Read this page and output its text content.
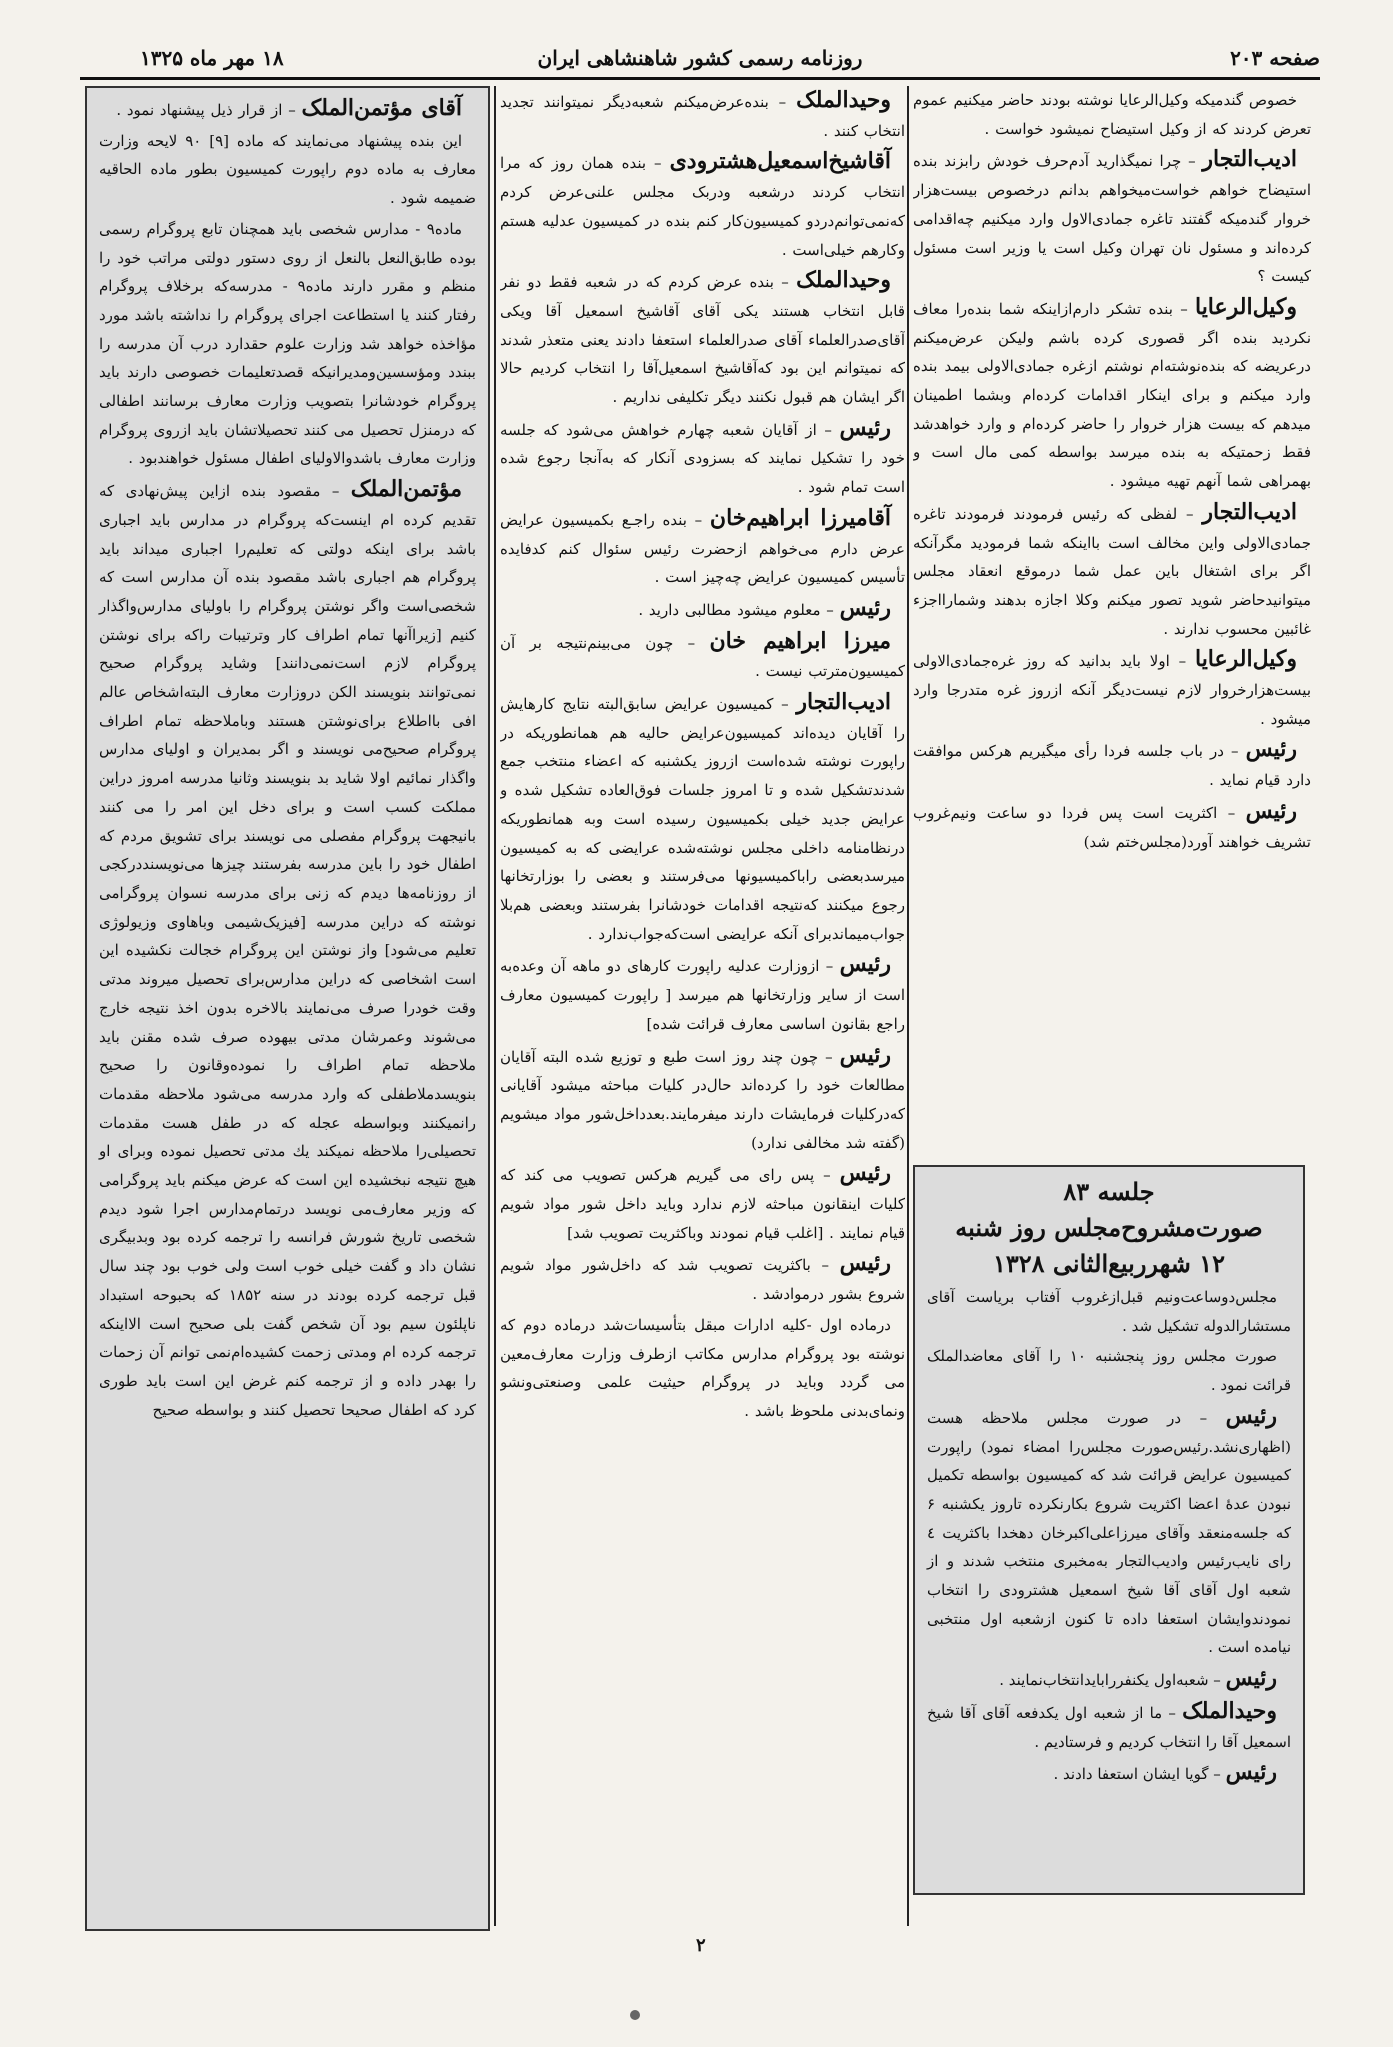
۱۸ مهر ماه ۱۳۲۵	روزنامه رسمی کشور شاهنشاهی ایران	صفحه ۲۰۳

خصوص گندمیکه وکیل‌الرعایا نوشته بودند حاضر میکنیم عموم تعرض کردند که از وکیل استیضاح نمیشود خواست .

ادیب‌التجار – چرا نمیگذارید آدم‌حرف خودش رابزند بنده استیضاح خواهم خواست‌میخواهم بدانم درخصوص بیست‌هزار خروار گندمیکه گفتند تاغره جمادی‌الاول وارد میکنیم چه‌اقدامی کرده‌اند و مسئول نان تهران وکیل است یا وزیر است مسئول کیست ؟

وکیل‌الرعایا – بنده تشکر دارم‌ازاینکه شما بنده‌را معاف نکردید بنده اگر قصوری کرده باشم ولیکن عرض‌میکنم درعریضه که بنده‌نوشته‌ام نوشتم ازغره جمادی‌الاولی بیمد بنده وارد میکنم و برای اینکار اقدامات کرده‌ام وبشما اطمینان میدهم که بیست هزار خروار را حاضر کرده‌ام و وارد خواهدشد فقط زحمتیکه به بنده میرسد بواسطه کمی مال است و بهمراهی شما آنهم تهیه میشود .

ادیب‌التجار – لفظی که رئیس فرمودند فرمودند تاغره جمادی‌الاولی واین مخالف است بااینکه شما فرمودید مگرآنکه اگر برای اشتغال باین عمل شما درموقع انعقاد مجلس میتوانیدحاضر شوید تصور میکنم وکلا اجازه بدهند وشمارااجزء غائبین محسوب ندارند .

وکیل‌الرعایا – اولا باید بدانید که روز غره‌جمادی‌الاولی بیست‌هزارخروار لازم نیست‌دیگر آنکه ازروز غره متدرجا وارد میشود .

رئیس – در باب جلسه فردا رأی میگیریم هرکس موافقت دارد قیام نماید .

رئیس – اکثریت است پس فردا دو ساعت ونیم‌غروب تشریف خواهند آورد(مجلس‌ختم شد)

جلسه ۸۳
صورت‌مشروح‌مجلس روز شنبه
۱۲ شهرربیع‌الثانی ۱۳۲۸

مجلس‌دوساعت‌ونیم قبل‌ازغروب آفتاب بریاست آقای مستشارالدوله تشکیل شد .

صورت مجلس روز پنجشنبه ۱۰ را آقای معاضدالملک قرائت نمود .

رئیس – در صورت مجلس ملاحظه هست (اظهاری‌نشد.رئیس‌صورت مجلس‌را امضاء نمود) راپورت کمیسیون عرایض قرائت شد که کمیسیون بواسطه تکمیل نبودن عدۀ اعضا اکثریت شروع بکارنکرده تاروز یکشنبه ۶ که جلسه‌منعقد وآقای میرزاعلی‌اکبرخان دهخدا باکثریت ٤ رای نایب‌رئیس وادیب‌التجار به‌مخبری منتخب شدند و از شعبه اول آقای آقا شیخ اسمعیل هشترودی را انتخاب نمودندوایشان استعفا داده تا کنون ازشعبه اول منتخبی نیامده است .

رئیس – شعبه‌اول یکنفررابایدانتخاب‌نمایند .

وحیدالملک – ما از شعبه اول یکدفعه آقای آقا شیخ اسمعیل آقا را انتخاب کردیم و فرستادیم .

رئیس – گویا ایشان استعفا دادند .

وحیدالملک – بنده‌عرض‌میکنم شعبه‌دیگر نمیتوانند تجدید انتخاب کنند .

آقاشیخ‌اسمعیل‌هشترودی – بنده همان روز که مرا انتخاب کردند درشعبه ودربک مجلس علنی‌عرض کردم که‌نمی‌توانم‌دردو کمیسیون‌کار کنم بنده در کمیسیون عدلیه هستم وکارهم خیلی‌است .

وحیدالملک – بنده عرض کردم که در شعبه فقط دو نفر قابل انتخاب هستند یکی آقای آقاشیخ اسمعیل آقا ویکی آقای‌صدرالعلماء آقای صدرالعلماء استعفا دادند یعنی متعذر شدند که نمیتوانم این بود که‌آقاشیخ اسمعیل‌آقا را انتخاب کردیم حالا اگر ایشان هم قبول نکنند دیگر تکلیفی نداریم .

رئیس – از آقایان شعبه چهارم خواهش می‌شود که جلسه خود را تشکیل نمایند که بسزودی آنکار که به‌آنجا رجوع شده است تمام شود .

آقامیرزا ابراهیم‌خان – بنده راجـع بکمیسیون عرایض عرض دارم می‌خواهم ازحضرت رئیس سئوال کنم کدفایده تأسیس کمیسیون عرایض چه‌چیز است .

رئیس – معلوم میشود مطالبی دارید .

میرزا ابراهیم خان – چون می‌بینم‌نتیجه بر آن کمیسیون‌مترتب نیست .

ادیب‌التجار – کمیسیون عرایض سابق‌البته نتایج کارهایش را آقایان دیده‌اند کمیسیون‌عرایض حالیه هم همانطوریکه در راپورت نوشته شده‌است ازروز یکشنبه که اعضاء منتخب جمع شدند‌تشکیل شده و تا امروز جلسات فوق‌العاده تشکیل شده و عرایض جدید خیلی بکمیسیون رسیده است وبه همانطوریکه درنظامنامه داخلی مجلس نوشته‌شده‌ عرایضی که به کمیسیون میرسد‌بعضی راباکمیسیونها می‌فرستند و بعضی را بوزارتخانها رجوع میکنند که‌نتیجه اقدامات خودشانرا بفرستند وبعضی هم‌بلا جواب‌میماندبرای آنکه عرایضی است‌که‌جواب‌ندارد .

رئیس – ازوزارت عدلیه راپورت کارهای دو ماهه آن وعده‌به است از سایر وزارتخانها هم میرسد [ راپورت کمیسیون معارف راجع بقانون اساسی معارف قرائت شده]

رئیس – چون چند روز است طبع و توزیع شده البته آقایان مطالعات خود را کرده‌اند حال‌در کلیات مباحثه میشود آقایانی که‌درکلیات فرمایشات دارند میفرمایند.بعدداخل‌شور مواد میشویم (گفته شد مخالفی ندارد)

رئیس – پس رای می گیریم هرکس تصویب می کند که کلیات اینقانون مباحثه لازم ندارد وباید داخل شور مواد شویم قیام نمایند . [اغلب قیام نمودند وباکثریت تصویب شد]

رئیس – باکثریت تصویب شد که داخل‌شور مواد شویم شروع بشور درمواد‌شد .

درماده اول -کلیه ادارات مبقل بتأسیسات‌شد درماده دوم که نوشته بود پروگرام مدارس مکاتب ازطرف وزارت معارف‌معین می گردد وباید در پروگرام حیثیت علمی وصنعتی‌ونشو ونمای‌بدنی ملحوظ باشد .

آقای مؤتمن‌الملک – از قرار ذیل پیشنهاد نمود .

این بنده پیشنهاد می‌نمایند که ماده [۹] ۹۰ لایحه وزارت معارف به ماده دوم راپورت کمیسیون بطور ماده الحاقیه ضمیمه شود .

ماده۹ - مدارس شخصی باید همچنان تابع پروگرام رسمی بوده طابق‌النعل بالنعل از روی دستور دولتی مراتب خود را منظم و مقرر دارند ماده۹ - مدرسه‌که برخلاف پروگرام رفتار کنند یا استطاعت اجرای پروگرام را نداشته باشد مورد مؤاخذه خواهد شد وزارت علوم حقدارد درب آن مدرسه را ببندد ومؤسسین‌ومدیرانیکه قصدتعلیمات خصوصی دارند باید پروگرام خودشانرا بتصویب وزارت معارف برسانند اطفالی که درمنزل تحصیل می کنند تحصیلاتشان باید ازروی پروگرام وزارت معارف باشدوالاولیای اطفال مسئول خواهندبود .

مؤتمن‌الملک – مقصود بنده ازاین پیش‌نهادی که تقدیم کرده ام اینست‌که پروگرام در مدارس باید اجباری باشد برای اینکه دولتی که تعلیم‌را اجباری میداند باید پروگرام هم اجباری باشد مقصود بنده آن مدارس است که شخصی‌است واگر نوشتن پروگرام را باولیای مدارس‌واگذار کنیم [زیراآنها تمام اطراف کار وترتیبات راکه برای نوشتن پروگرام لازم است‌نمی‌دانند] وشاید پروگرام صحیح نمی‌توانند بنویسند الکن دروزارت معارف البته‌اشخاص عالم افی بااطلاع برای‌نوشتن هستند وباملاحظه تمام اطراف پروگرام صحیح‌می نویسند و اگر بمدیران و اولیای مدارس واگذار نمائیم اولا شاید بد بنویسند وثانیا مدرسه امروز دراین مملکت کسب است و برای دخل این امر را می کنند بانیجهت پروگرام مفصلی می نویسند برای تشویق مردم که اطفال خود را باین مدرسه بفرستند چیزها می‌نویسند‌درکجی از روزنامه‌ها دیدم که زنی برای مدرسه نسوان پروگرامی نوشته که دراین مدرسه [فیزیک‌شیمی وباهاوی وزیولوژی تعلیم می‌شود] واز نوشتن این پروگرام خجالت نکشیده این است اشخاصی که دراین مدارس‌برای تحصیل میروند مدتی وقت خودرا صرف می‌نمایند بالاخره بدون اخذ نتیجه خارج می‌شوند وعمرشان مدتی بیهوده صرف شده مقنن باید ملاحظه تمام اطراف را نموده‌وقانون را صحیح بنویسدملاطفلی که وارد مدرسه می‌شود ملاحظه مقدمات رانمیکنند وبواسطه عجله که در طفل هست مقدمات تحصیلی‌را ملاحظه نمیکند یك مدتی تحصیل نموده وبرای او هیچ نتیجه نبخشیده این است که عرض میکنم باید پروگرامی که وزیر معارف‌می نویسد درتمام‌مدارس اجرا شود دیدم شخصی تاریخ شورش فرانسه را ترجمه کرده بود وبدبیگری نشان داد و گفت خیلی خوب است ولی خوب بود چند سال قبل ترجمه کرده بودند در سنه ۱۸۵۲ که بحبوحه استبداد ناپلئون سیم بود آن شخص گفت بلی صحیح است الااینکه ترجمه کرده ام ومدتی زحمت کشیده‌ام‌نمی توانم آن زحمات را بهدر داده و از ترجمه کنم غرض این است باید طوری کرد که اطفال صحیحا تحصیل کنند و بواسطه صحیح

۲
